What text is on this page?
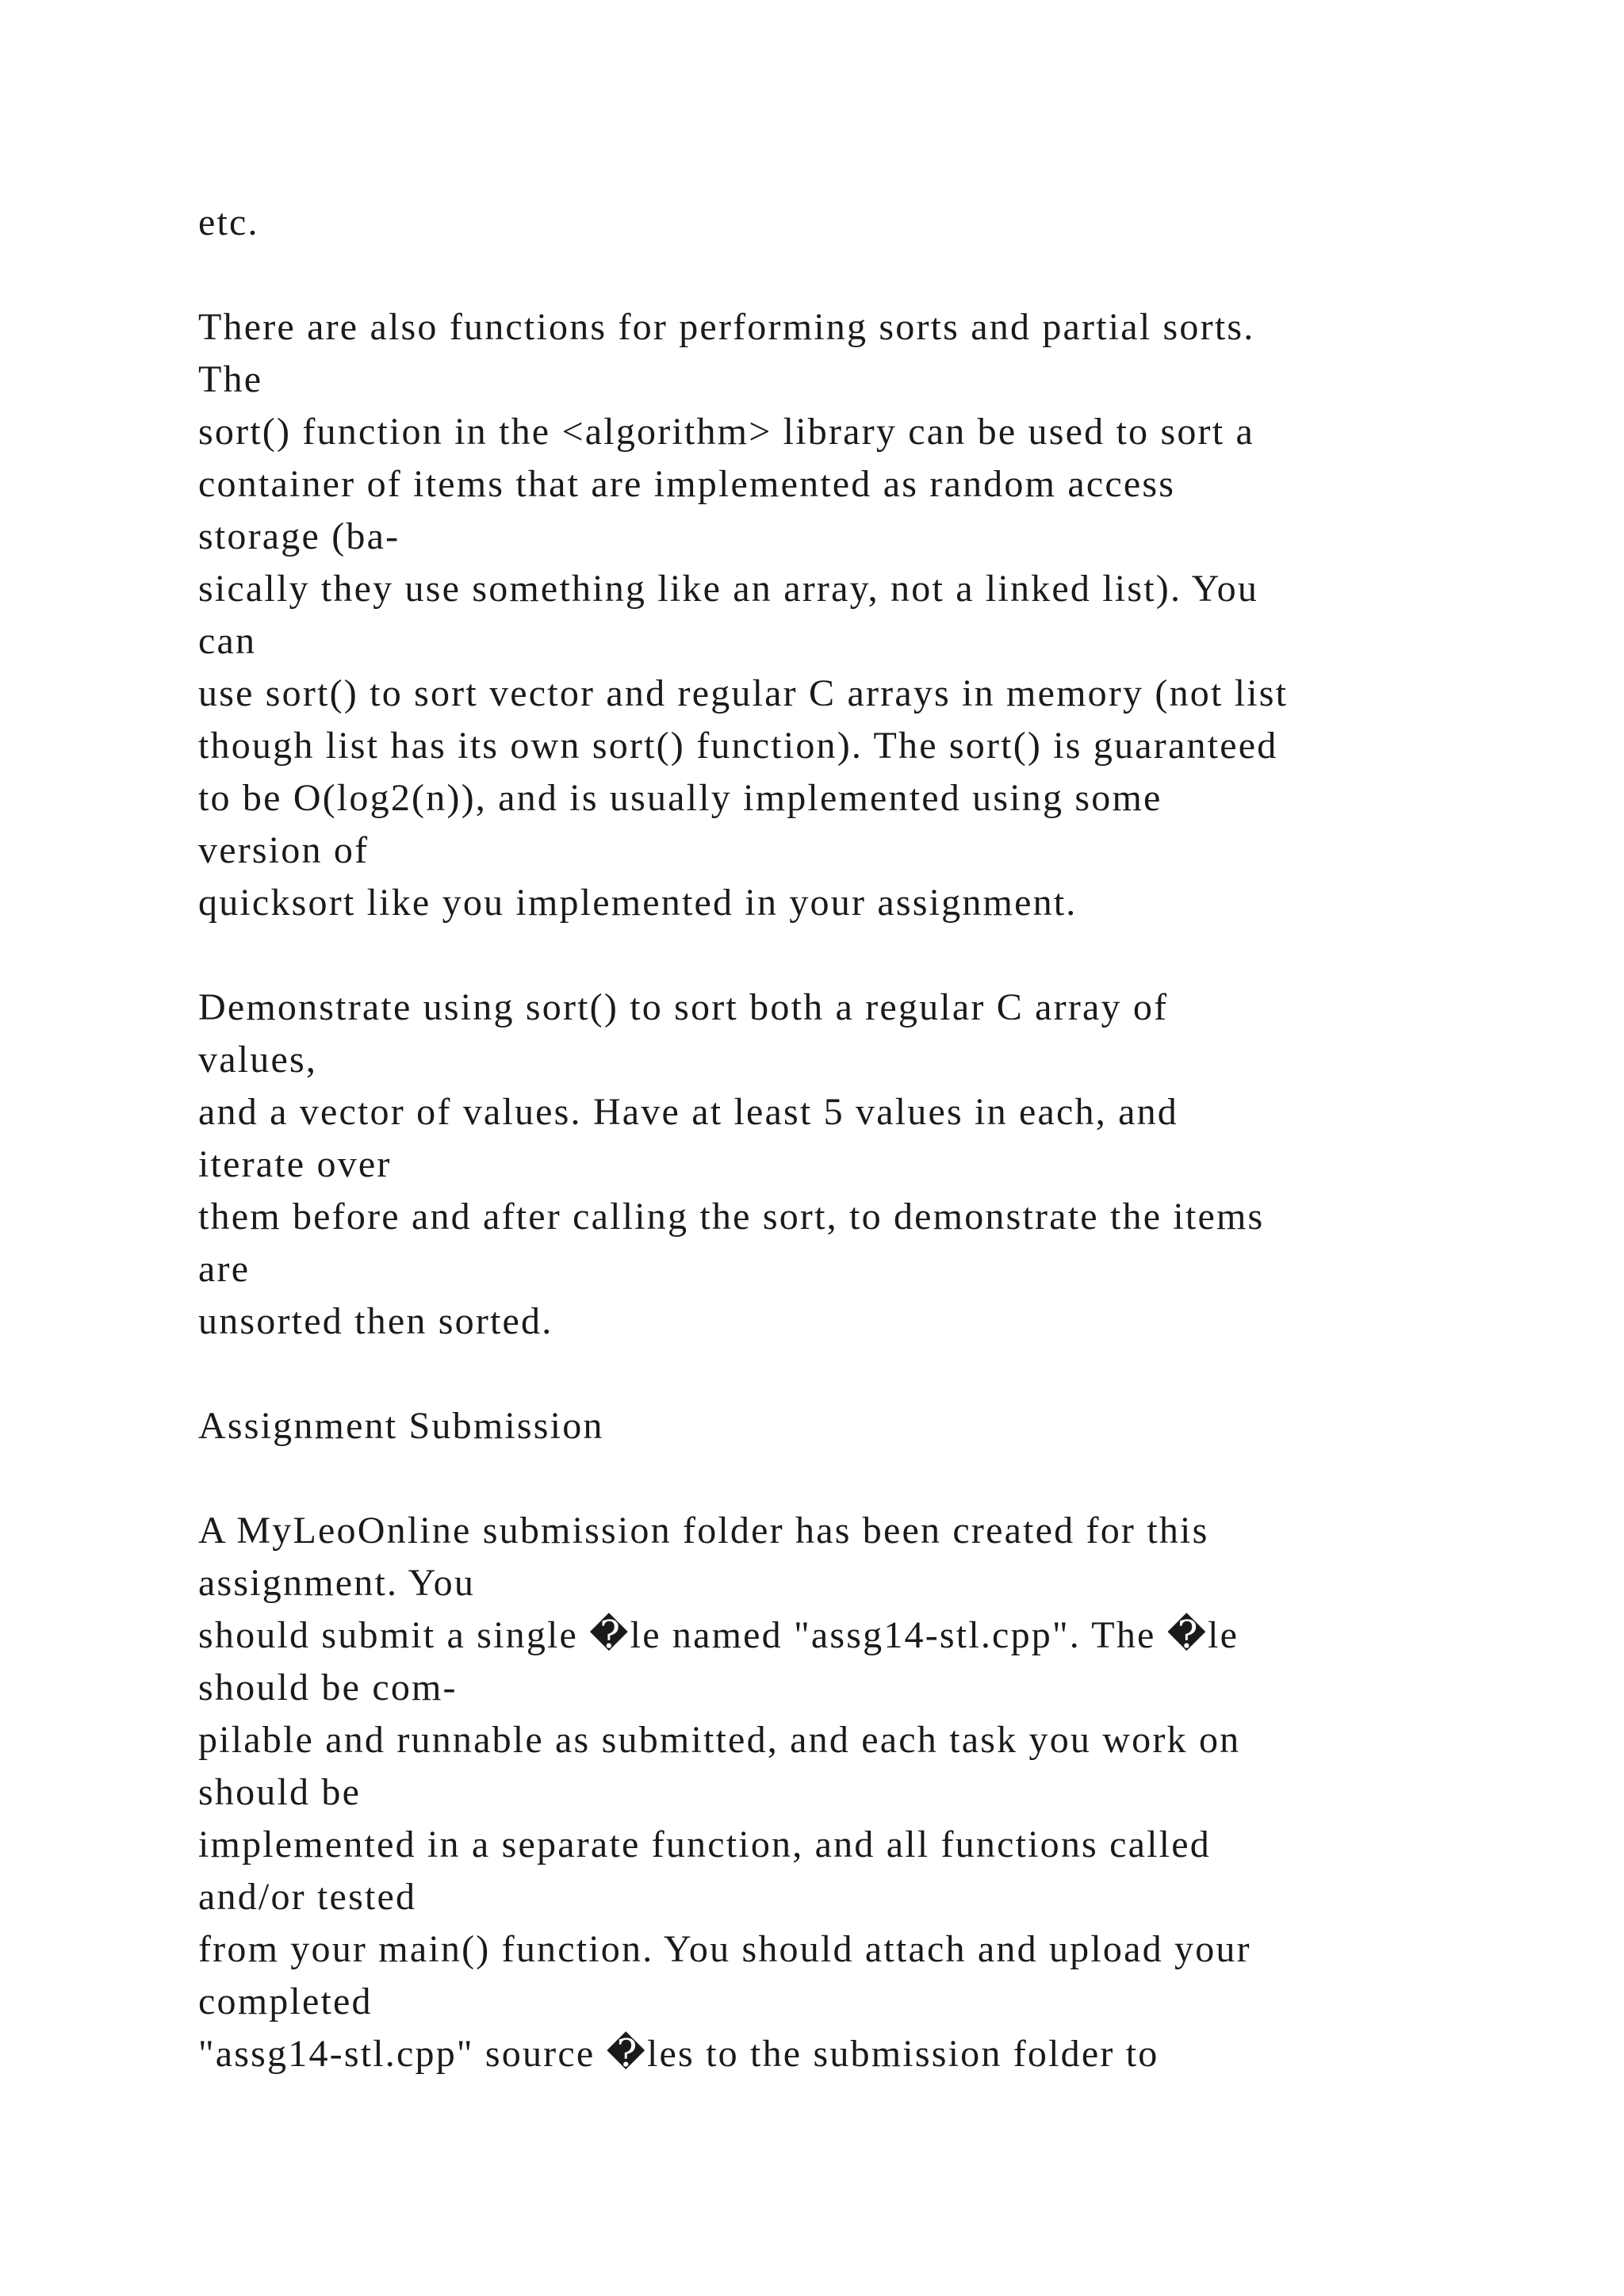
etc.
There are also functions for performing sorts and partial sorts.
The
sort() function in the <algorithm> library can be used to sort a
container of items that are implemented as random access
storage (ba-
sically they use something like an array, not a linked list). You
can
use sort() to sort vector and regular C arrays in memory (not list
though list has its own sort() function). The sort() is guaranteed
to be O(log2(n)), and is usually implemented using some
version of
quicksort like you implemented in your assignment.
Demonstrate using sort() to sort both a regular C array of
values,
and a vector of values. Have at least 5 values in each, and
iterate over
them before and after calling the sort, to demonstrate the items
are
unsorted then sorted.
Assignment Submission
A MyLeoOnline submission folder has been created for this
assignment. You
should submit a single �le named "assg14-stl.cpp". The �le
should be com-
pilable and runnable as submitted, and each task you work on
should be
implemented in a separate function, and all functions called
and/or tested
from your main() function. You should attach and upload your
completed
"assg14-stl.cpp" source �les to the submission folder to
